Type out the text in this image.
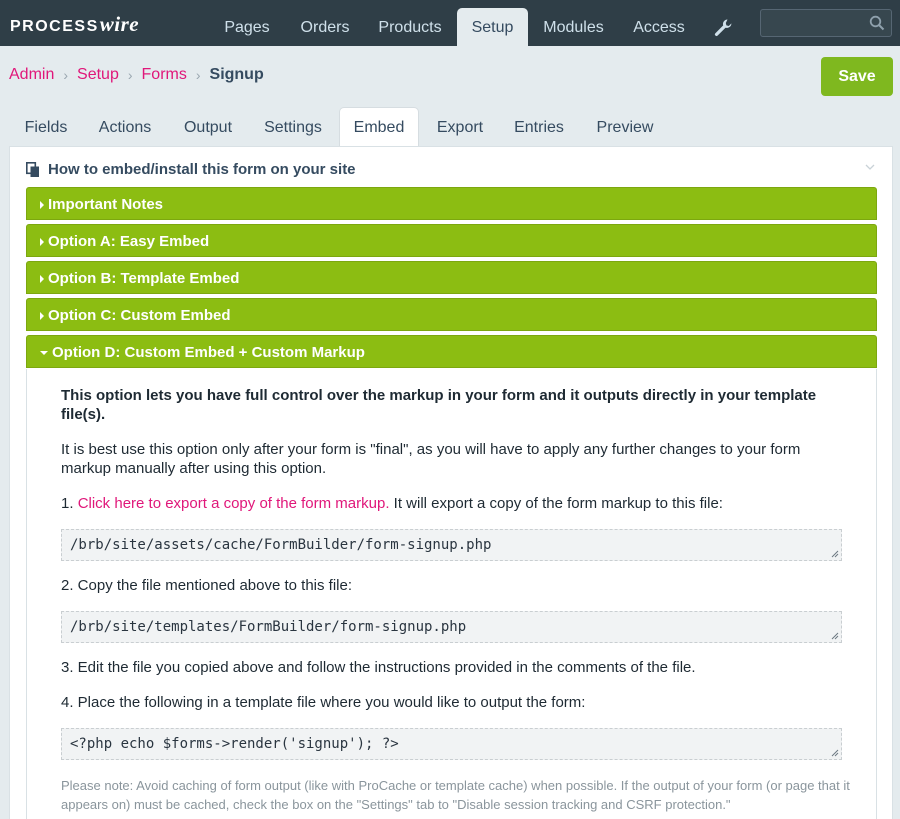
PROCESS wire	Pages	Orders	Products	Setup	Modules	Access
Admin › Setup › Forms › Signup	Save
Fields	Actions	Output	Settings	Embed	Export	Entries	Preview
How to embed/install this form on your site
Important Notes
Option A: Easy Embed
Option B: Template Embed
Option C: Custom Embed
Option D: Custom Embed + Custom Markup
This option lets you have full control over the markup in your form and it outputs directly in your template file(s).
It is best use this option only after your form is "final", as you will have to apply any further changes to your form markup manually after using this option.
1. Click here to export a copy of the form markup. It will export a copy of the form markup to this file:
/brb/site/assets/cache/FormBuilder/form-signup.php
2. Copy the file mentioned above to this file:
/brb/site/templates/FormBuilder/form-signup.php
3. Edit the file you copied above and follow the instructions provided in the comments of the file.
4. Place the following in a template file where you would like to output the form:
<?php echo $forms->render('signup'); ?>
Please note: Avoid caching of form output (like with ProCache or template cache) when possible. If the output of your form (or page that it appears on) must be cached, check the box on the "Settings" tab to "Disable session tracking and CSRF protection."
